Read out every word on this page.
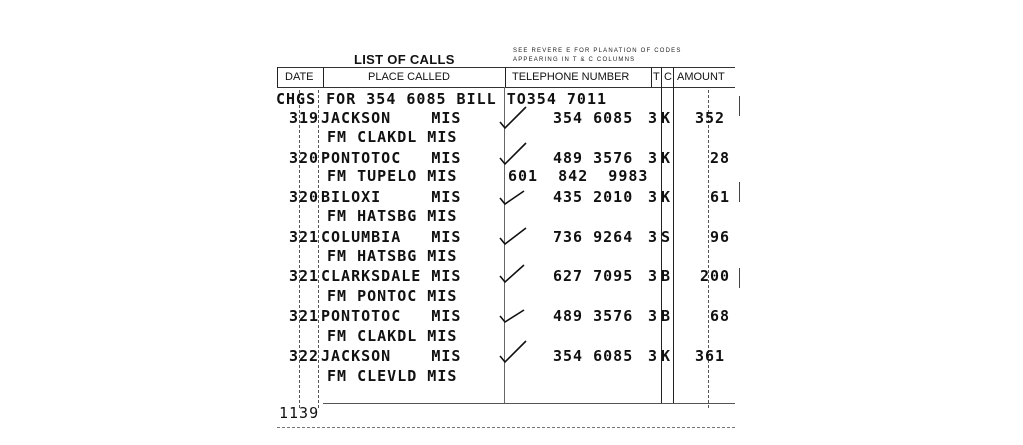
LIST OF CALLS
SEE REVERE E FOR PLANATION OF CODES
APPEARING IN T & C COLUMNS
DATE	PLACE CALLED	TELEPHONE NUMBER T C AMOUNT
CHGS FOR 354 6085 BILL TO354 7011
319 JACKSON    MIS	354 6085 3 K 352
FM CLAKDL MIS
320 PONTOTOC   MIS	489 3576 3 K	28
FM TUPELO MIS	601  842  9983
320 BILOXI     MIS	435 2010 3 K	61
FM HATSBG MIS
321 COLUMBIA   MIS	736 9264 3 S	96
FM HATSBG MIS
321 CLARKSDALE MIS	627 7095 3 B 200
FM PONTOC MIS
321 PONTOTOC   MIS	489 3576 3 B	68
FM CLAKDL MIS
322 JACKSON    MIS	354 6085 3 K 361
FM CLEVLD MIS
1139
